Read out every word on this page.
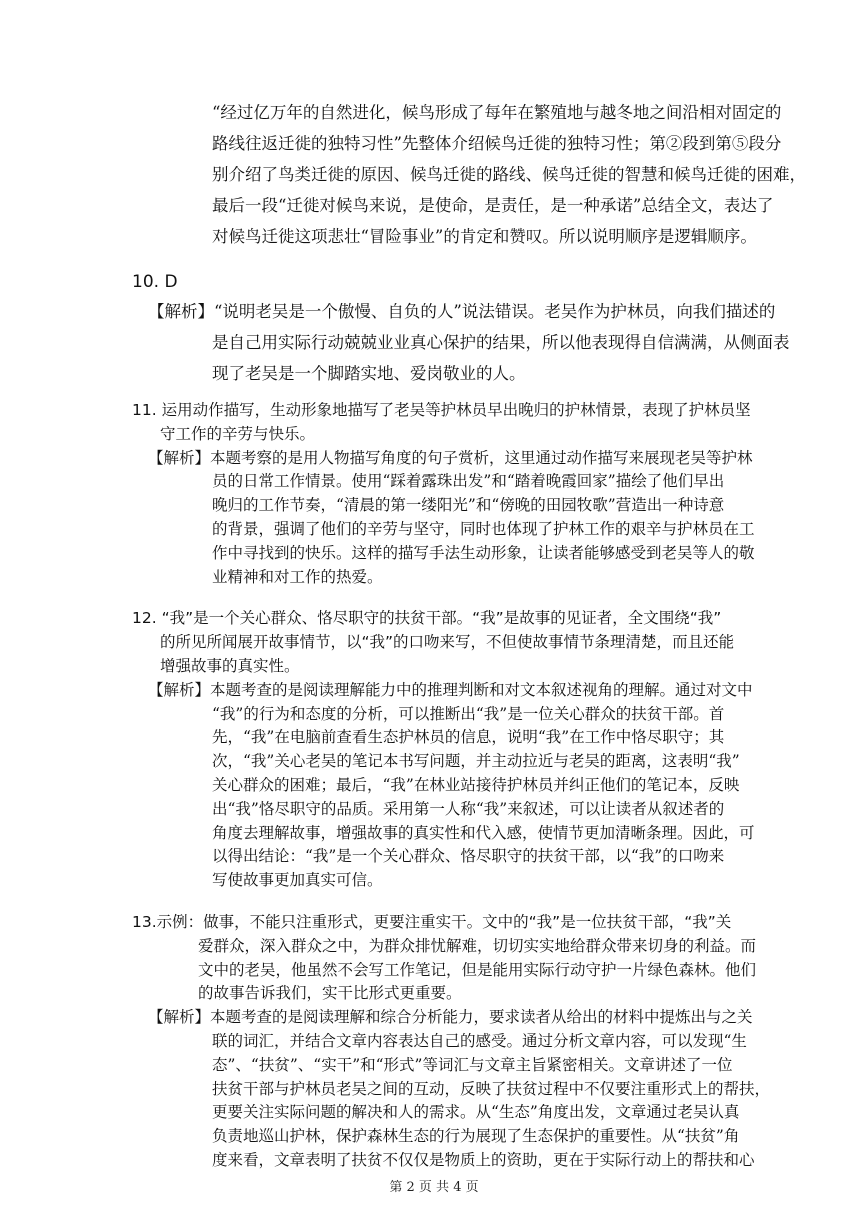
“经过亿万年的自然进化，候鸟形成了每年在繁殖地与越冬地之间沿相对固定的
路线往返迁徙的独特习性”先整体介绍候鸟迁徙的独特习性；第②段到第⑤段分
别介绍了鸟类迁徙的原因、候鸟迁徙的路线、候鸟迁徙的智慧和候鸟迁徙的困难，
最后一段“迁徙对候鸟来说，是使命，是责任，是一种承诺”总结全文，表达了
对候鸟迁徙这项悲壮“冒险事业”的肯定和赞叹。所以说明顺序是逻辑顺序。
10. D
【解析】“说明老吴是一个傲慢、自负的人”说法错误。老吴作为护林员，向我们描述的
是自己用实际行动兢兢业业真心保护的结果，所以他表现得自信满满，从侧面表
现了老吴是一个脚踏实地、爱岗敬业的人。
11. 运用动作描写，生动形象地描写了老吴等护林员早出晚归的护林情景，表现了护林员坚
守工作的辛劳与快乐。
【解析】本题考察的是用人物描写角度的句子赏析，这里通过动作描写来展现老吴等护林
员的日常工作情景。使用“踩着露珠出发”和“踏着晚霞回家”描绘了他们早出
晚归的工作节奏，“清晨的第一缕阳光”和“傍晚的田园牧歌”营造出一种诗意
的背景，强调了他们的辛劳与坚守，同时也体现了护林工作的艰辛与护林员在工
作中寻找到的快乐。这样的描写手法生动形象，让读者能够感受到老吴等人的敬
业精神和对工作的热爱。
12. “我”是一个关心群众、恪尽职守的扶贫干部。“我”是故事的见证者，全文围绕“我”
的所见所闻展开故事情节，以“我”的口吻来写，不但使故事情节条理清楚，而且还能
增强故事的真实性。
【解析】本题考查的是阅读理解能力中的推理判断和对文本叙述视角的理解。通过对文中
“我”的行为和态度的分析，可以推断出“我”是一位关心群众的扶贫干部。首
先，“我”在电脑前查看生态护林员的信息，说明“我”在工作中恪尽职守；其
次，“我”关心老吴的笔记本书写问题，并主动拉近与老吴的距离，这表明“我”
关心群众的困难；最后，“我”在林业站接待护林员并纠正他们的笔记本，反映
出“我”恪尽职守的品质。采用第一人称“我”来叙述，可以让读者从叙述者的
角度去理解故事，增强故事的真实性和代入感，使情节更加清晰条理。因此，可
以得出结论：“我”是一个关心群众、恪尽职守的扶贫干部，以“我”的口吻来
写使故事更加真实可信。
13.示例：做事，不能只注重形式，更要注重实干。文中的“我”是一位扶贫干部，“我”关
爱群众，深入群众之中，为群众排忧解难，切切实实地给群众带来切身的利益。而
文中的老吴，他虽然不会写工作笔记，但是能用实际行动守护一片绿色森林。他们
的故事告诉我们，实干比形式更重要。
第 2 页 共 4 页
【解析】本题考查的是阅读理解和综合分析能力，要求读者从给出的材料中提炼出与之关
联的词汇，并结合文章内容表达自己的感受。通过分析文章内容，可以发现“生
态”、“扶贫”、“实干”和“形式”等词汇与文章主旨紧密相关。文章讲述了一位
扶贫干部与护林员老吴之间的互动，反映了扶贫过程中不仅要注重形式上的帮扶，
更要关注实际问题的解决和人的需求。从“生态”角度出发，文章通过老吴认真
负责地巡山护林，保护森林生态的行为展现了生态保护的重要性。从“扶贫”角
度来看，文章表明了扶贫不仅仅是物质上的资助，更在于实际行动上的帮扶和心
